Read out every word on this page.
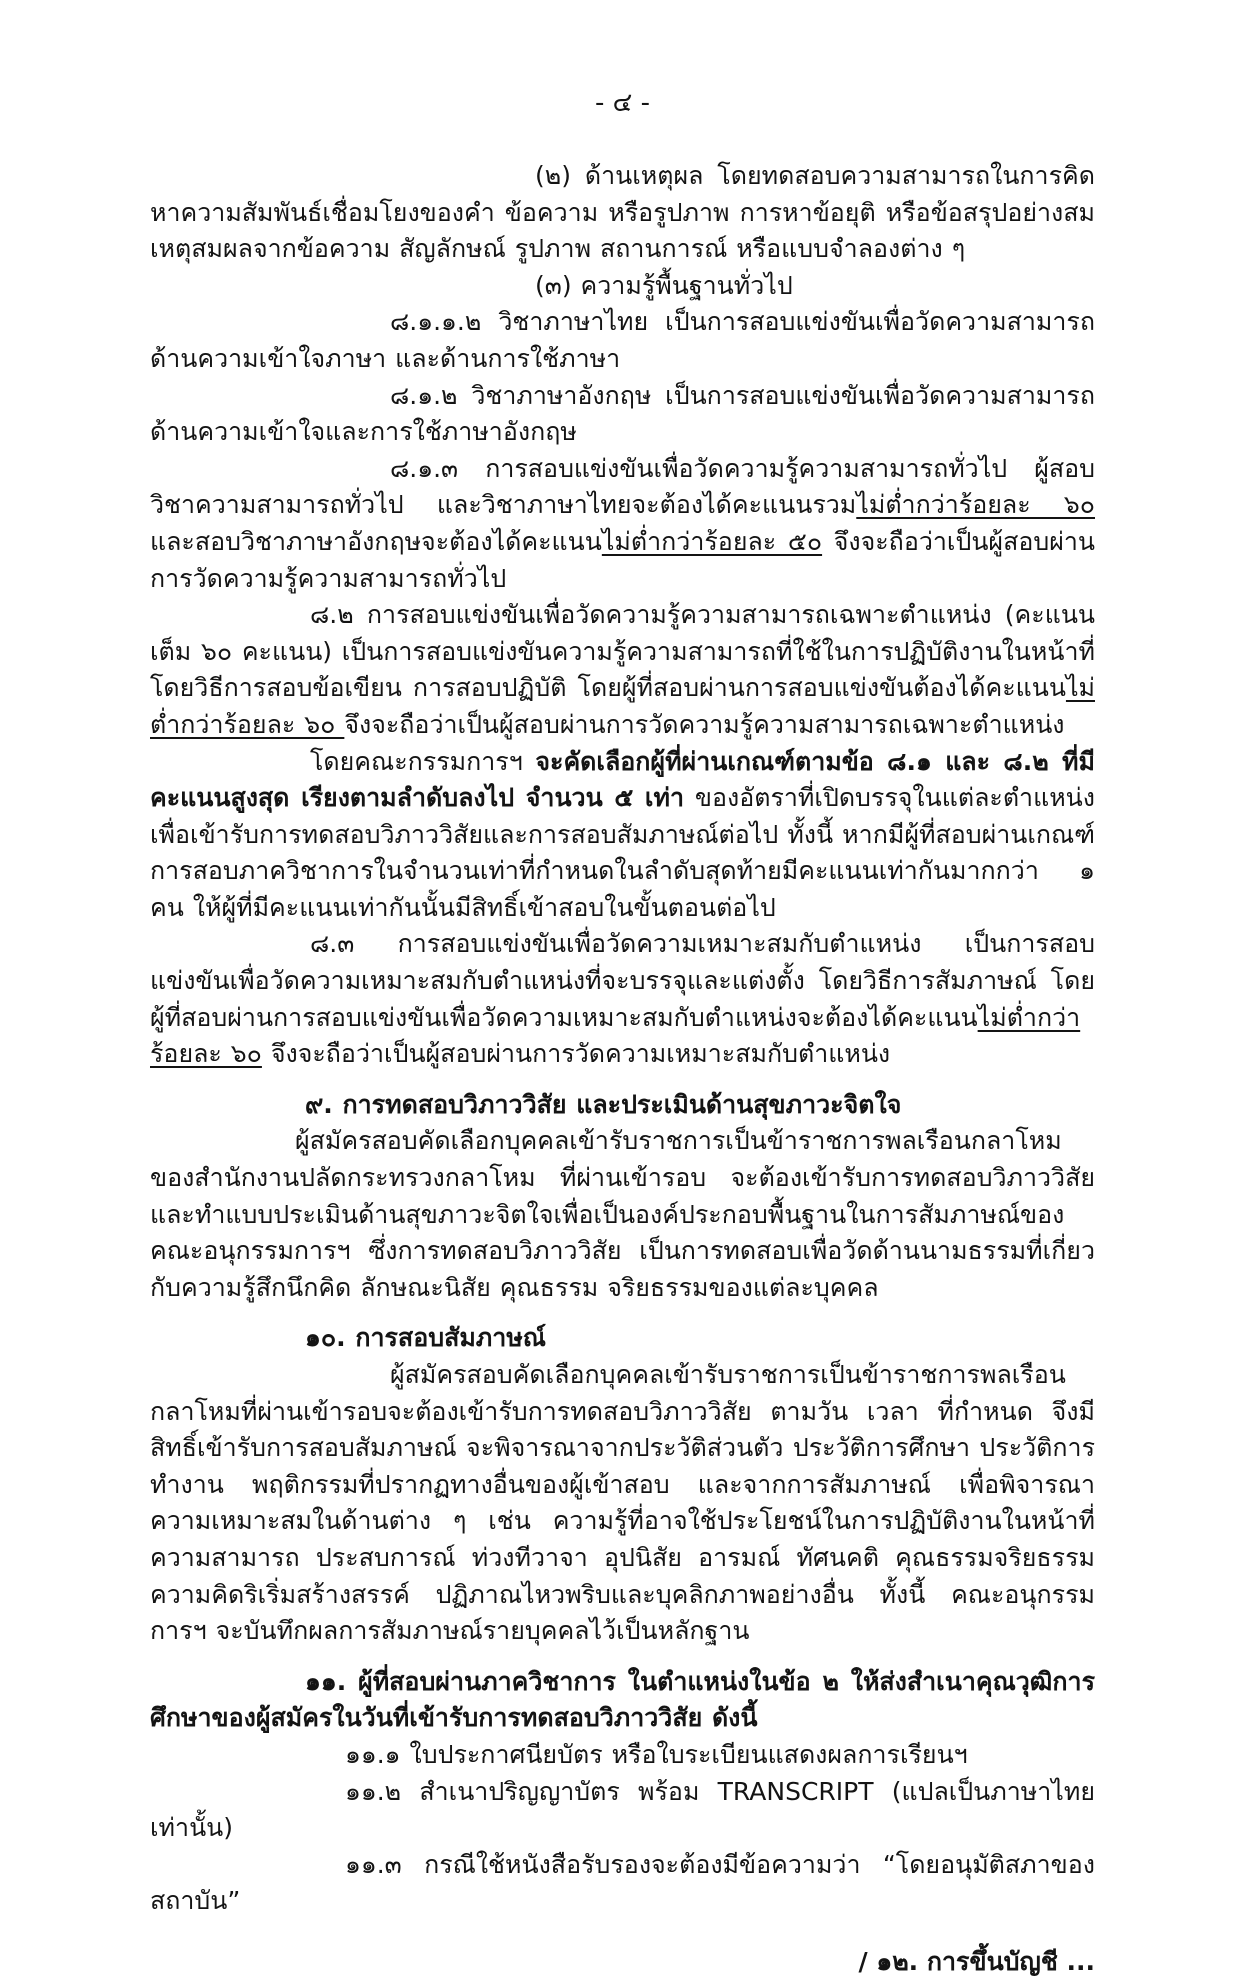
- ๔ -

(๒) ด้านเหตุผล โดยทดสอบความสามารถในการคิดหาความสัมพันธ์เชื่อมโยงของคำ ข้อความ หรือรูปภาพ การหาข้อยุติ หรือข้อสรุปอย่างสมเหตุสมผลจากข้อความ สัญลักษณ์ รูปภาพ สถานการณ์ หรือแบบจำลองต่าง ๆ

(๓) ความรู้พื้นฐานทั่วไป

๘.๑.๑.๒ วิชาภาษาไทย เป็นการสอบแข่งขันเพื่อวัดความสามารถด้านความเข้าใจภาษา และด้านการใช้ภาษา

๘.๑.๒ วิชาภาษาอังกฤษ เป็นการสอบแข่งขันเพื่อวัดความสามารถด้านความเข้าใจและการใช้ภาษาอังกฤษ

๘.๑.๓ การสอบแข่งขันเพื่อวัดความรู้ความสามารถทั่วไป ผู้สอบวิชาความสามารถทั่วไป และวิชาภาษาไทยจะต้องได้คะแนนรวมไม่ต่ำกว่าร้อยละ ๖๐ และสอบวิชาภาษาอังกฤษจะต้องได้คะแนนไม่ต่ำกว่าร้อยละ ๕๐ จึงจะถือว่าเป็นผู้สอบผ่านการวัดความรู้ความสามารถทั่วไป

๘.๒ การสอบแข่งขันเพื่อวัดความรู้ความสามารถเฉพาะตำแหน่ง (คะแนนเต็ม ๖๐ คะแนน) เป็นการสอบแข่งขันความรู้ความสามารถที่ใช้ในการปฏิบัติงานในหน้าที่ โดยวิธีการสอบข้อเขียน การสอบปฏิบัติ โดยผู้ที่สอบผ่านการสอบแข่งขันต้องได้คะแนนไม่ต่ำกว่าร้อยละ ๖๐ จึงจะถือว่าเป็นผู้สอบผ่านการวัดความรู้ความสามารถเฉพาะตำแหน่ง

โดยคณะกรรมการฯ จะคัดเลือกผู้ที่ผ่านเกณฑ์ตามข้อ ๘.๑ และ ๘.๒ ที่มีคะแนนสูงสุด เรียงตามลำดับลงไป จำนวน ๕ เท่า ของอัตราที่เปิดบรรจุในแต่ละตำแหน่ง เพื่อเข้ารับการทดสอบวิภาววิสัยและการสอบสัมภาษณ์ต่อไป ทั้งนี้ หากมีผู้ที่สอบผ่านเกณฑ์การสอบภาควิชาการในจำนวนเท่าที่กำหนดในลำดับสุดท้ายมีคะแนนเท่ากันมากกว่า ๑ คน ให้ผู้ที่มีคะแนนเท่ากันนั้นมีสิทธิ์เข้าสอบในขั้นตอนต่อไป

๘.๓ การสอบแข่งขันเพื่อวัดความเหมาะสมกับตำแหน่ง เป็นการสอบแข่งขันเพื่อวัดความเหมาะสมกับตำแหน่งที่จะบรรจุและแต่งตั้ง โดยวิธีการสัมภาษณ์ โดยผู้ที่สอบผ่านการสอบแข่งขันเพื่อวัดความเหมาะสมกับตำแหน่งจะต้องได้คะแนนไม่ต่ำกว่าร้อยละ ๖๐ จึงจะถือว่าเป็นผู้สอบผ่านการวัดความเหมาะสมกับตำแหน่ง

๙. การทดสอบวิภาววิสัย และประเมินด้านสุขภาวะจิตใจ

ผู้สมัครสอบคัดเลือกบุคคลเข้ารับราชการเป็นข้าราชการพลเรือนกลาโหมของสำนักงานปลัดกระทรวงกลาโหม ที่ผ่านเข้ารอบ จะต้องเข้ารับการทดสอบวิภาววิสัย และทำแบบประเมินด้านสุขภาวะจิตใจเพื่อเป็นองค์ประกอบพื้นฐานในการสัมภาษณ์ของคณะอนุกรรมการฯ ซึ่งการทดสอบวิภาววิสัย เป็นการทดสอบเพื่อวัดด้านนามธรรมที่เกี่ยวกับความรู้สึกนึกคิด ลักษณะนิสัย คุณธรรม จริยธรรมของแต่ละบุคคล

๑๐. การสอบสัมภาษณ์

ผู้สมัครสอบคัดเลือกบุคคลเข้ารับราชการเป็นข้าราชการพลเรือนกลาโหมที่ผ่านเข้ารอบจะต้องเข้ารับการทดสอบวิภาววิสัย ตามวัน เวลา ที่กำหนด จึงมีสิทธิ์เข้ารับการสอบสัมภาษณ์ จะพิจารณาจากประวัติส่วนตัว ประวัติการศึกษา ประวัติการทำงาน พฤติกรรมที่ปรากฏทางอื่นของผู้เข้าสอบ และจากการสัมภาษณ์ เพื่อพิจารณาความเหมาะสมในด้านต่าง ๆ เช่น ความรู้ที่อาจใช้ประโยชน์ในการปฏิบัติงานในหน้าที่ ความสามารถ ประสบการณ์ ท่วงทีวาจา อุปนิสัย อารมณ์ ทัศนคติ คุณธรรมจริยธรรม ความคิดริเริ่มสร้างสรรค์ ปฏิภาณไหวพริบและบุคลิกภาพอย่างอื่น ทั้งนี้ คณะอนุกรรมการฯ จะบันทึกผลการสัมภาษณ์รายบุคคลไว้เป็นหลักฐาน

๑๑. ผู้ที่สอบผ่านภาควิชาการ ในตำแหน่งในข้อ ๒ ให้ส่งสำเนาคุณวุฒิการศึกษาของผู้สมัครในวันที่เข้ารับการทดสอบวิภาววิสัย ดังนี้

๑๑.๑ ใบประกาศนียบัตร หรือใบระเบียนแสดงผลการเรียนฯ

๑๑.๒ สำเนาปริญญาบัตร พร้อม TRANSCRIPT (แปลเป็นภาษาไทยเท่านั้น)

๑๑.๓ กรณีใช้หนังสือรับรองจะต้องมีข้อความว่า “โดยอนุมัติสภาของสถาบัน”

/ ๑๒. การขึ้นบัญชี ...
